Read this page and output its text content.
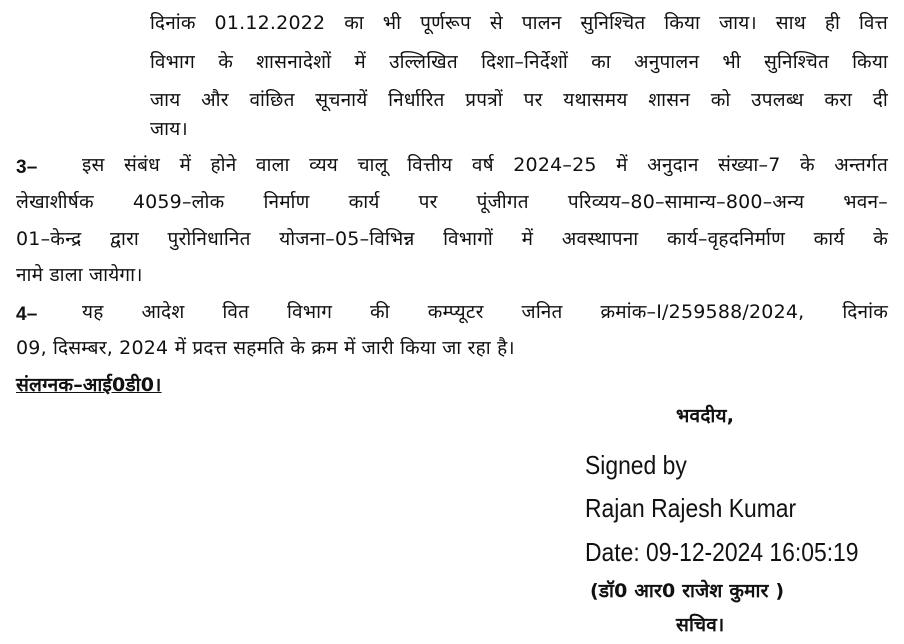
दिनांक 01.12.2022 का भी पूर्णरूप से पालन सुनिश्चित किया जाय। साथ ही वित्त
विभाग के शासनादेशों में उल्लिखित दिशा–निर्देशों का अनुपालन भी सुनिश्चित किया
जाय और वांछित सूचनायें निर्धारित प्रपत्रों पर यथासमय शासन को उपलब्ध करा दी
जाय।
3– इस संबंध में होने वाला व्यय चालू वित्तीय वर्ष 2024–25 में अनुदान संख्या–7 के अन्तर्गत
लेखाशीर्षक 4059–लोक निर्माण कार्य पर पूंजीगत परिव्यय–80–सामान्य–800–अन्य भवन–
01–केन्द्र द्वारा पुरोनिधानित योजना–05–विभिन्न विभागों में अवस्थापना कार्य–वृहदनिर्माण कार्य के
नामे डाला जायेगा।
4– यह आदेश वित विभाग की कम्प्यूटर जनित क्रमांक–I/259588/2024, दिनांक
09, दिसम्बर, 2024 में प्रदत्त सहमति के क्रम में जारी किया जा रहा है।
संलग्नक–आई0डी0।
भवदीय,
Signed by
Rajan Rajesh Kumar
Date: 09-12-2024 16:05:19
(डॉ0 आर0 राजेश कुमार )
सचिव।
